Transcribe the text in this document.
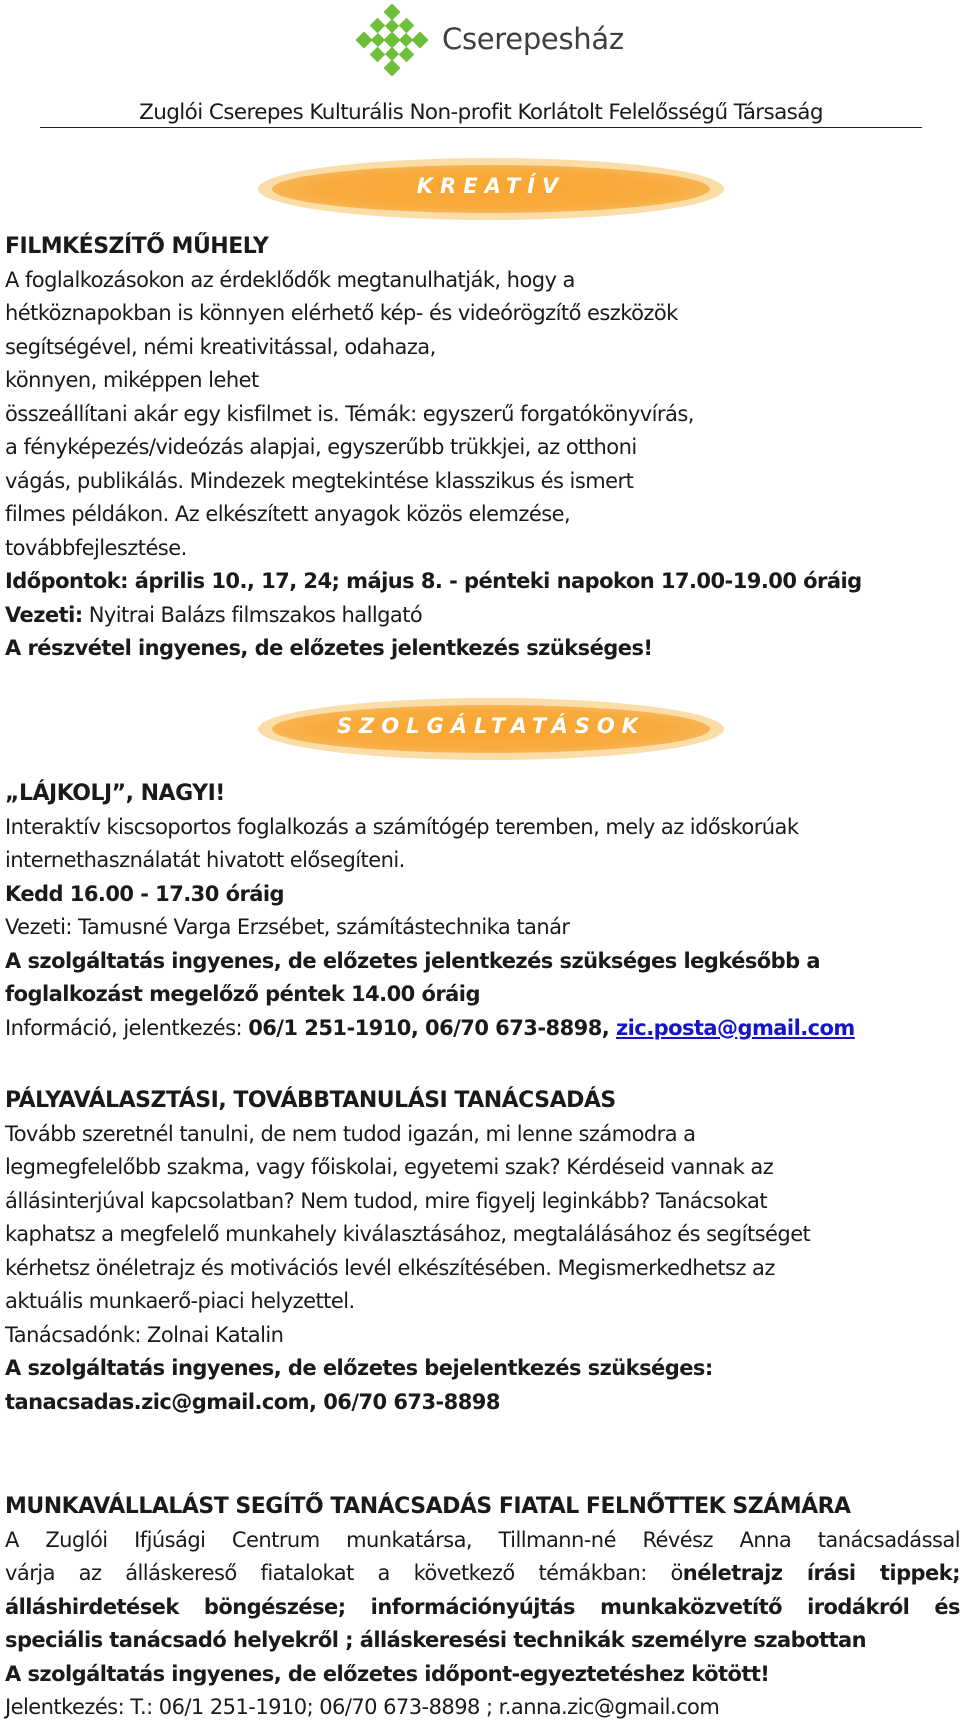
Cserepesház
Zuglói Cserepes Kulturális Non-profit Korlátolt Felelősségű Társaság
KREATÍV
FILMKÉSZÍTŐ MŰHELY
A foglalkozásokon az érdeklődők megtanulhatják, hogy a
hétköznapokban is könnyen elérhető kép- és videórögzítő eszközök
segítségével, némi kreativitással, odahaza,
könnyen, miképpen lehet
összeállítani akár egy kisfilmet is. Témák: egyszerű forgatókönyvírás,
a fényképezés/videózás alapjai, egyszerűbb trükkjei, az otthoni
vágás, publikálás. Mindezek megtekintése klasszikus és ismert
filmes példákon. Az elkészített anyagok közös elemzése,
továbbfejlesztése.
Időpontok: április 10., 17, 24; május 8. - pénteki napokon 17.00-19.00 óráig
Vezeti: Nyitrai Balázs filmszakos hallgató
A részvétel ingyenes, de előzetes jelentkezés szükséges!
SZOLGÁLTATÁSOK
„LÁJKOLJ”, NAGYI!
Interaktív kiscsoportos foglalkozás a számítógép teremben, mely az időskorúak
internethasználatát hivatott elősegíteni.
Kedd 16.00 - 17.30 óráig
Vezeti: Tamusné Varga Erzsébet, számítástechnika tanár
A szolgáltatás ingyenes, de előzetes jelentkezés szükséges legkésőbb a
foglalkozást megelőző péntek 14.00 óráig
Információ, jelentkezés: 06/1 251-1910, 06/70 673-8898, zic.posta@gmail.com
PÁLYAVÁLASZTÁSI, TOVÁBBTANULÁSI TANÁCSADÁS
Tovább szeretnél tanulni, de nem tudod igazán, mi lenne számodra a
legmegfelelőbb szakma, vagy főiskolai, egyetemi szak? Kérdéseid vannak az
állásinterjúval kapcsolatban? Nem tudod, mire figyelj leginkább? Tanácsokat
kaphatsz a megfelelő munkahely kiválasztásához, megtalálásához és segítséget
kérhetsz önéletrajz és motivációs levél elkészítésében. Megismerkedhetsz az
aktuális munkaerő-piaci helyzettel.
Tanácsadónk: Zolnai Katalin
A szolgáltatás ingyenes, de előzetes bejelentkezés szükséges:
tanacsadas.zic@gmail.com, 06/70 673-8898
MUNKAVÁLLALÁST SEGÍTŐ TANÁCSADÁS FIATAL FELNŐTTEK SZÁMÁRA
A Zuglói Ifjúsági Centrum munkatársa, Tillmann-né Révész Anna tanácsadással
várja az álláskereső fiatalokat a következő témákban: önéletrajz írási tippek;
álláshirdetések böngészése; információnyújtás munkaközvetítő irodákról és
speciális tanácsadó helyekről ; álláskeresési technikák személyre szabottan
A szolgáltatás ingyenes, de előzetes időpont-egyeztetéshez kötött!
Jelentkezés: T.: 06/1 251-1910; 06/70 673-8898 ; r.anna.zic@gmail.com
